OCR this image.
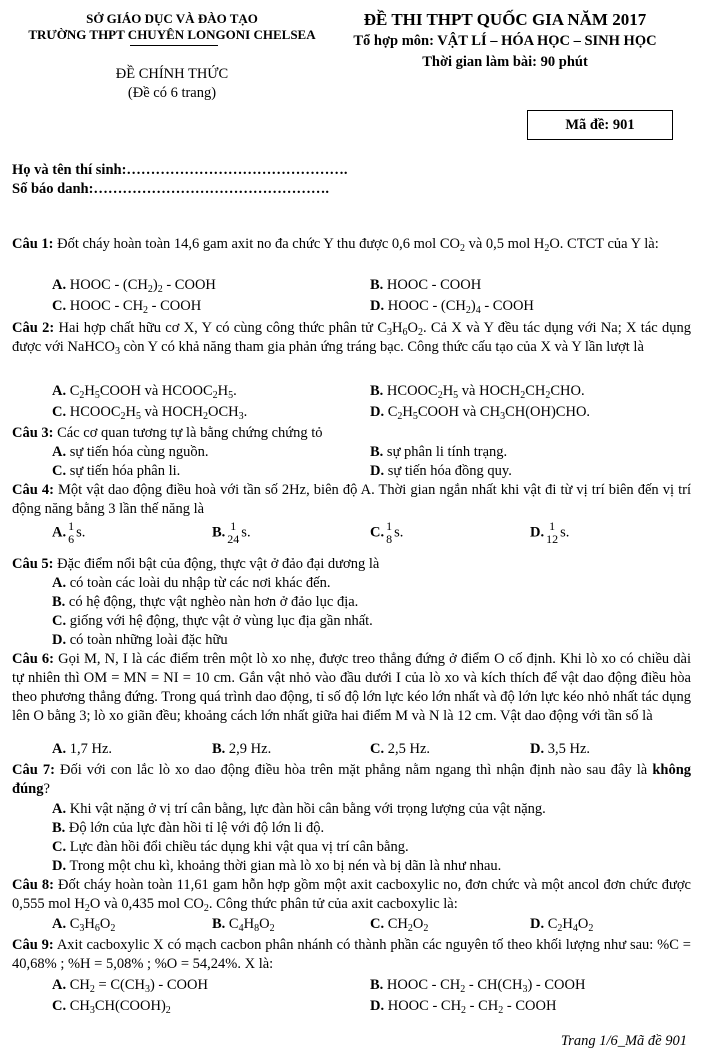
SỞ GIÁO DỤC VÀ ĐÀO TẠO
TRƯỜNG THPT CHUYÊN LONGONI CHELSEA
ĐỀ THI THPT QUỐC GIA NĂM 2017
Tổ hợp môn: VẬT LÍ – HÓA HỌC – SINH HỌC
Thời gian làm bài: 90 phút
ĐỀ CHÍNH THỨC
(Đề có 6 trang)
Mã đề: 901
Họ và tên thí sinh:……………………………………….
Số báo danh:………………………………………….
Câu 1: Đốt cháy hoàn toàn 14,6 gam axit no đa chức Y thu được 0,6 mol $CO_2$ và 0,5 mol $H_2O$. CTCT của Y là:
A. HOOC - $(CH_2)_2$ - COOH	B. HOOC - COOH
C. HOOC - $CH_2$ - COOH	D. HOOC - $(CH_2)_4$ - COOH
Câu 2: Hai hợp chất hữu cơ X, Y có cùng công thức phân tử $C_3H_6O_2$. Cả X và Y đều tác dụng với Na; X tác dụng được với NaHCO$_3$ còn Y có khả năng tham gia phản ứng tráng bạc. Công thức cấu tạo của X và Y lần lượt là
A. $C_2H_5COOH$ và $HCOOC_2H_5$.	B. $HCOOC_2H_5$ và $HOCH_2CH_2CHO$.
C. $HCOOC_2H_5$ và $HOCH_2OCH_3$.	D. $C_2H_5COOH$ và $CH_3CH(OH)CHO$.
Câu 3: Các cơ quan tương tự là bằng chứng chứng tỏ
A. sự tiến hóa cùng nguồn.	B. sự phân li tính trạng.
C. sự tiến hóa phân li.	D. sự tiến hóa đồng quy.
Câu 4: Một vật dao động điều hoà với tần số 2Hz, biên độ A. Thời gian ngắn nhất khi vật đi từ vị trí biên đến vị trí động năng bằng 3 lần thế năng là
A. 1
6 s.	B. 1
24 s.	C. 1
8 s.	D. 1
12 s.
Câu 5: Đặc điểm nổi bật của động, thực vật ở đảo đại dương là
A. có toàn các loài du nhập từ các nơi khác đến.
B. có hệ động, thực vật nghèo nàn hơn ở đảo lục địa.
C. giống với hệ động, thực vật ở vùng lục địa gần nhất.
D. có toàn những loài đặc hữu
Câu 6: Gọi M, N, I là các điểm trên một lò xo nhẹ, được treo thẳng đứng ở điểm O cố định. Khi lò xo có chiều dài tự nhiên thì OM = MN = NI = 10 cm. Gắn vật nhỏ vào đầu dưới I của lò xo và kích thích để vật dao động điều hòa theo phương thẳng đứng. Trong quá trình dao động, tỉ số độ lớn lực kéo lớn nhất và độ lớn lực kéo nhỏ nhất tác dụng lên O bằng 3; lò xo giãn đều; khoảng cách lớn nhất giữa hai điểm M và N là 12 cm. Vật dao động với tần số là
A. 1,7 Hz.	B. 2,9 Hz.	C. 2,5 Hz.	D. 3,5 Hz.
Câu 7: Đối với con lắc lò xo dao động điều hòa trên mặt phẳng nằm ngang thì nhận định nào sau đây là không đúng?
A. Khi vật nặng ở vị trí cân bằng, lực đàn hồi cân bằng với trọng lượng của vật nặng.
B. Độ lớn của lực đàn hồi tỉ lệ với độ lớn li độ.
C. Lực đàn hồi đổi chiều tác dụng khi vật qua vị trí cân bằng.
D. Trong một chu kì, khoảng thời gian mà lò xo bị nén và bị dãn là như nhau.
Câu 8: Đốt cháy hoàn toàn 11,61 gam hỗn hợp gồm một axit cacboxylic no, đơn chức và một ancol đơn chức được 0,555 mol $H_2O$ và 0,435 mol $CO_2$. Công thức phân tử của axit cacboxylic là:
A. $C_3H_6O_2$	B. $C_4H_8O_2$	C. $CH_2O_2$	D. $C_2H_4O_2$
Câu 9: Axit cacboxylic X có mạch cacbon phân nhánh có thành phần các nguyên tố theo khối lượng như sau: %C = 40,68% ; %H = 5,08% ; %O = 54,24%. X là:
A. $CH_2 = C(CH_3)$ - COOH	B. HOOC - $CH_2 - CH(CH_3)$ - COOH
C. $CH_3CH(COOH)_2$	D. HOOC - $CH_2 - CH_2$ - COOH
Trang 1/6_Mã đề 901
